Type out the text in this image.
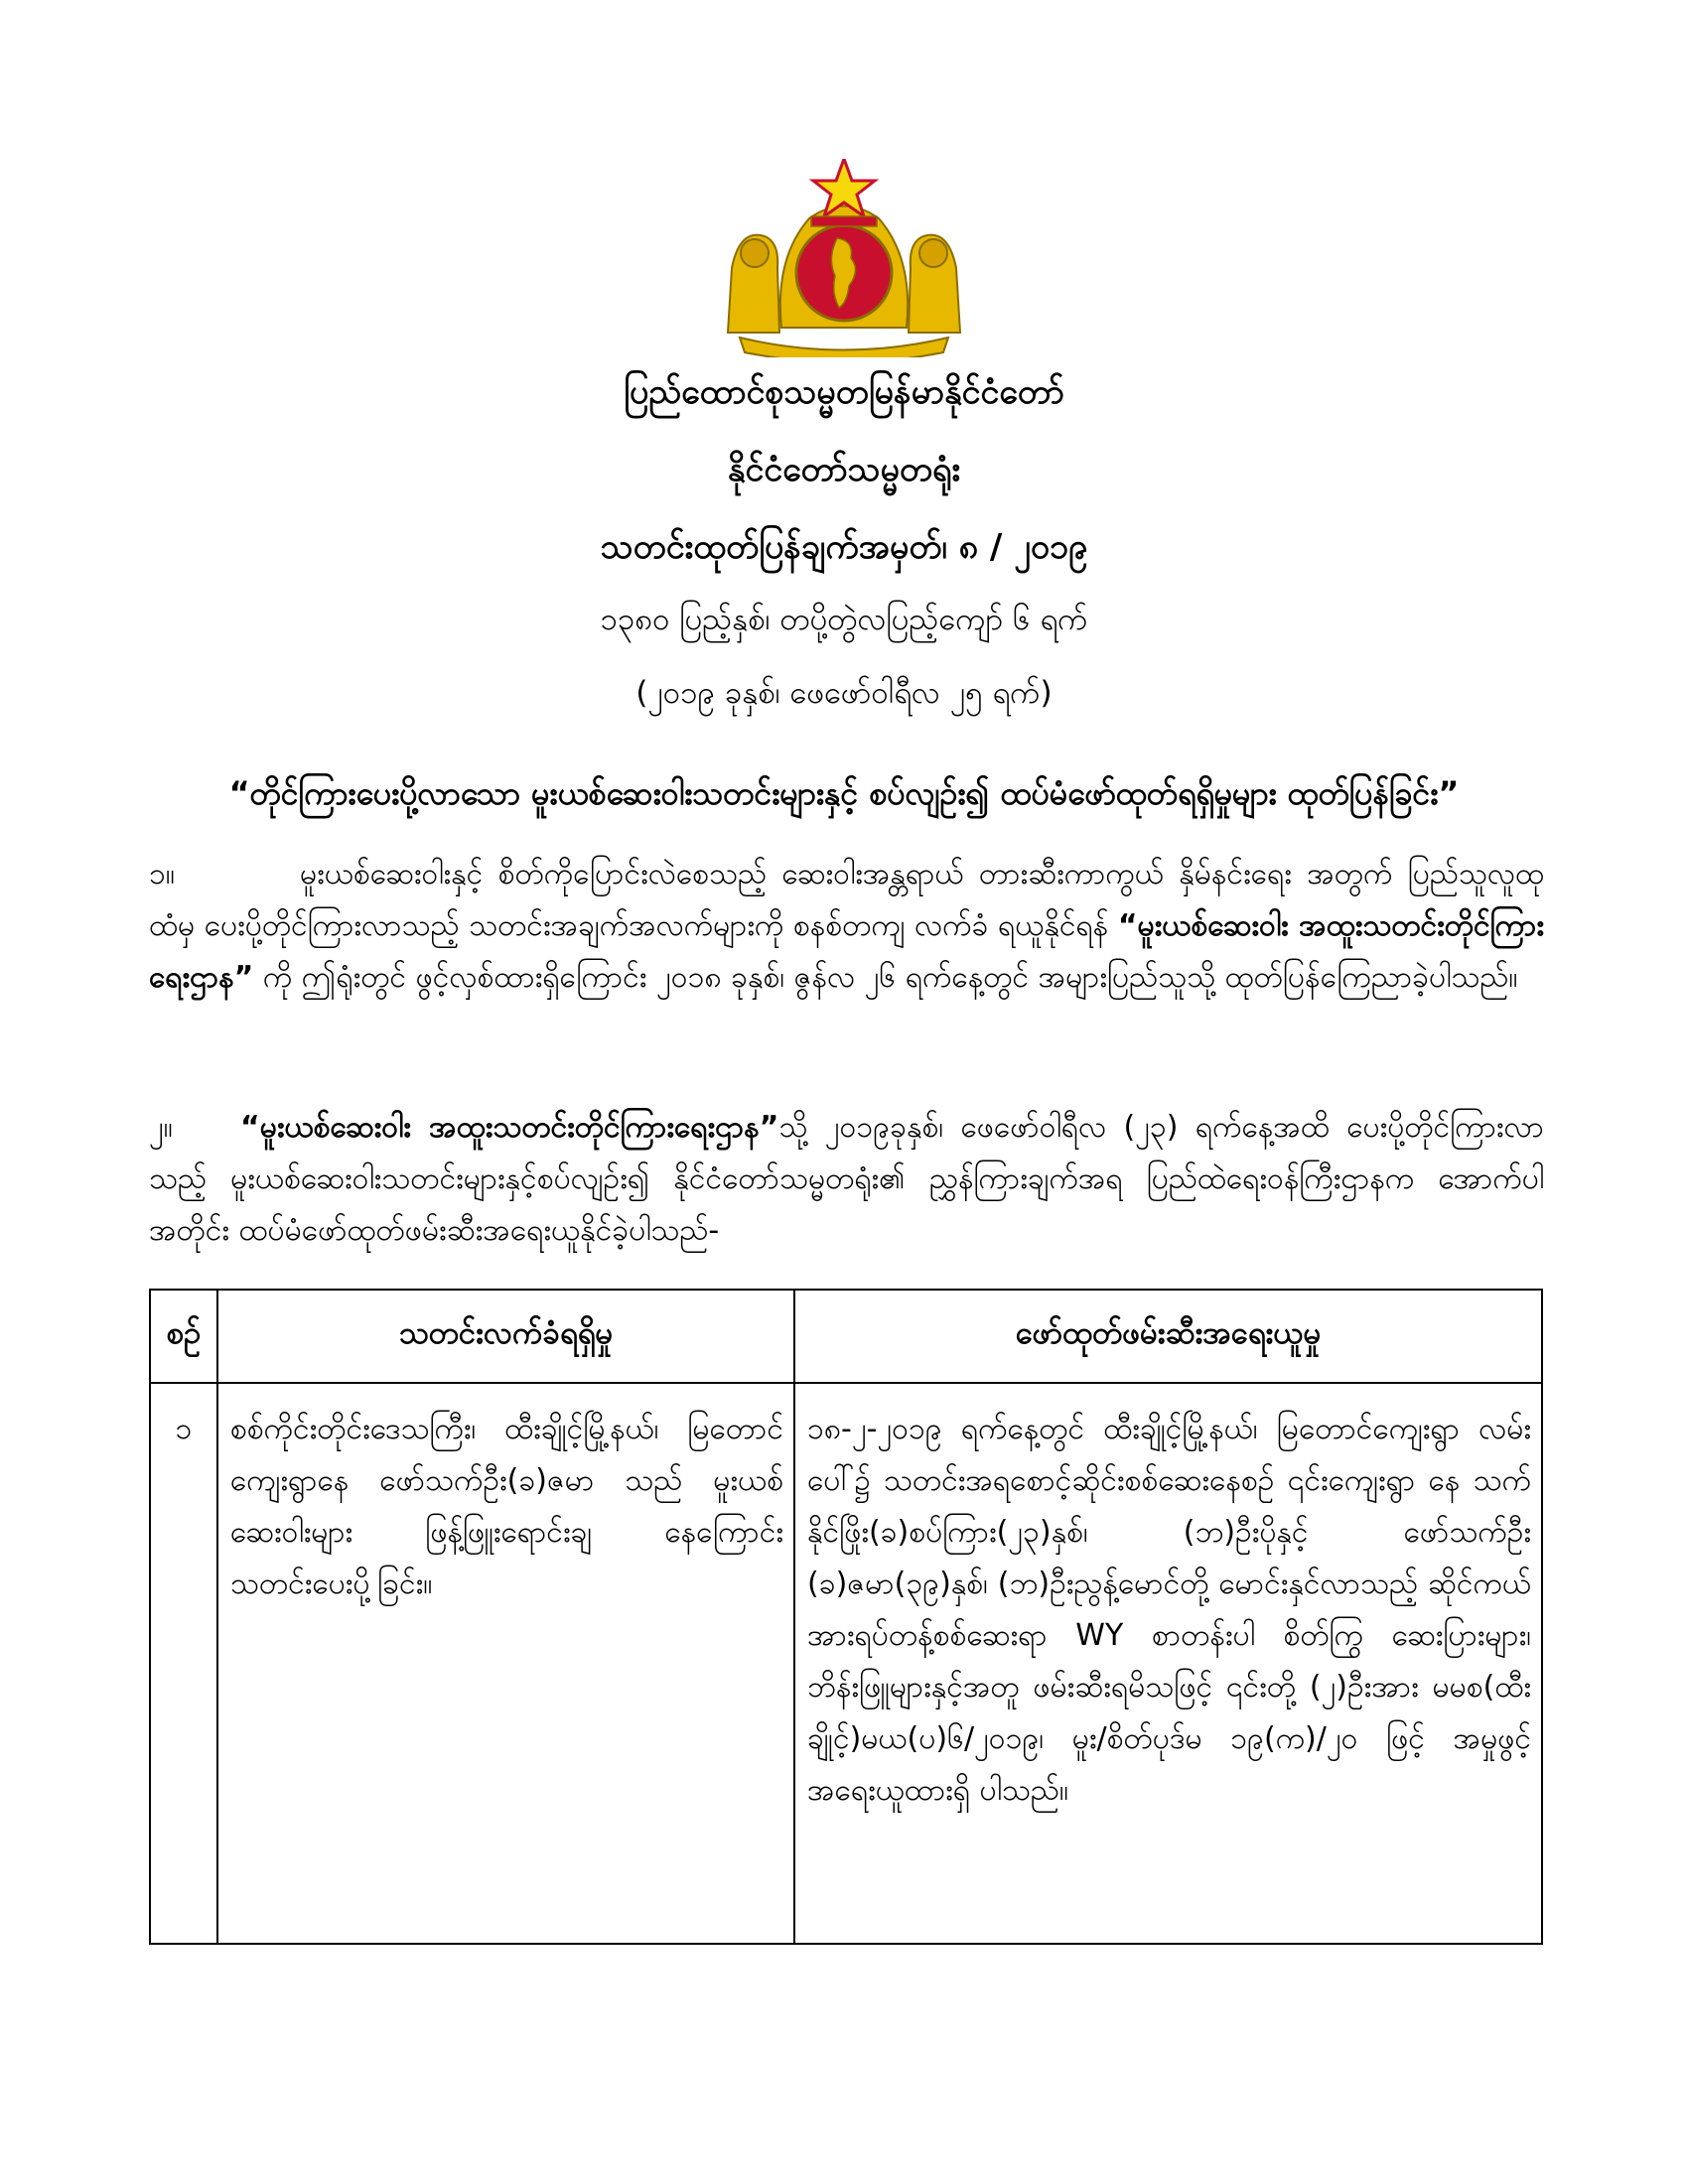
ပြည်ထောင်စုသမ္မတမြန်မာနိုင်ငံတော်
နိုင်ငံတော်သမ္မတရုံး
သတင်းထုတ်ပြန်ချက်အမှတ်၊ ၈ / ၂၀၁၉
၁၃၈၀ ပြည့်နှစ်၊ တပို့တွဲလပြည့်ကျော် ၆ ရက်
(၂၀၁၉ ခုနှစ်၊ ဖေဖော်ဝါရီလ ၂၅ ရက်)
“တိုင်ကြားပေးပို့လာသော မူးယစ်ဆေးဝါးသတင်းများနှင့် စပ်လျဉ်း၍ ထပ်မံဖော်ထုတ်ရရှိမှုများ ထုတ်ပြန်ခြင်း”
၁။	မူးယစ်ဆေးဝါးနှင့် စိတ်ကိုပြောင်းလဲစေသည့် ဆေးဝါးအန္တရာယ် တားဆီးကာကွယ် နှိမ်နင်းရေး အတွက် ပြည်သူလူထုထံမှ ပေးပို့တိုင်ကြားလာသည့် သတင်းအချက်အလက်များကို စနစ်တကျ လက်ခံ ရယူနိုင်ရန် “မူးယစ်ဆေးဝါး အထူးသတင်းတိုင်ကြားရေးဌာန” ကို ဤရုံးတွင် ဖွင့်လှစ်ထားရှိကြောင်း ၂၀၁၈ ခုနှစ်၊ ဇွန်လ ၂၆ ရက်နေ့တွင် အများပြည်သူသို့ ထုတ်ပြန်ကြေညာခဲ့ပါသည်။
၂။ “မူးယစ်ဆေးဝါး အထူးသတင်းတိုင်ကြားရေးဌာန”သို့ ၂၀၁၉ခုနှစ်၊ ဖေဖော်ဝါရီလ (၂၃) ရက်နေ့အထိ ပေးပို့တိုင်ကြားလာသည့် မူးယစ်ဆေးဝါးသတင်းများနှင့်စပ်လျဉ်း၍ နိုင်ငံတော်သမ္မတရုံး၏ ညွှန်ကြားချက်အရ ပြည်ထဲရေးဝန်ကြီးဌာနက အောက်ပါအတိုင်း ထပ်မံဖော်ထုတ်ဖမ်းဆီးအရေးယူနိုင်ခဲ့ပါသည်-
စဉ်	သတင်းလက်ခံရရှိမှု	ဖော်ထုတ်ဖမ်းဆီးအရေးယူမှု
၁	စစ်ကိုင်းတိုင်းဒေသကြီး၊ ထီးချိုင့်မြို့နယ်၊ မြတောင်ကျေးရွာနေ ဖော်သက်ဦး(ခ)ဇမာ သည် မူးယစ်ဆေးဝါးများ ဖြန့်ဖြူးရောင်းချ နေကြောင်း သတင်းပေးပို့ခြင်း။	၁၈-၂-၂၀၁၉ ရက်နေ့တွင် ထီးချိုင့်မြို့နယ်၊ မြတောင်ကျေးရွာ လမ်းပေါ်၌ သတင်းအရစောင့်ဆိုင်းစစ်ဆေးနေစဉ် ၎င်းကျေးရွာ နေ သက်နိုင်ဖြိုး(ခ)စပ်ကြား(၂၃)နှစ်၊ (ဘ)ဦးပိုနှင့် ဖော်သက်ဦး (ခ)ဇမာ(၃၉)နှစ်၊ (ဘ)ဦးညွန့်မောင်တို့ မောင်းနှင်လာသည့် ဆိုင်ကယ်အားရပ်တန့်စစ်ဆေးရာ WY စာတန်းပါ စိတ်ကြွ ဆေးပြားများ၊ ဘိန်းဖြူများနှင့်အတူ ဖမ်းဆီးရမိသဖြင့် ၎င်းတို့ (၂)ဦးအား မမစ(ထီးချိုင့်)မယ(ပ)၆/၂၀၁၉၊ မူး/စိတ်ပုဒ်မ ၁၉(က)/၂၀ ဖြင့် အမှုဖွင့်အရေးယူထားရှိ ပါသည်။
